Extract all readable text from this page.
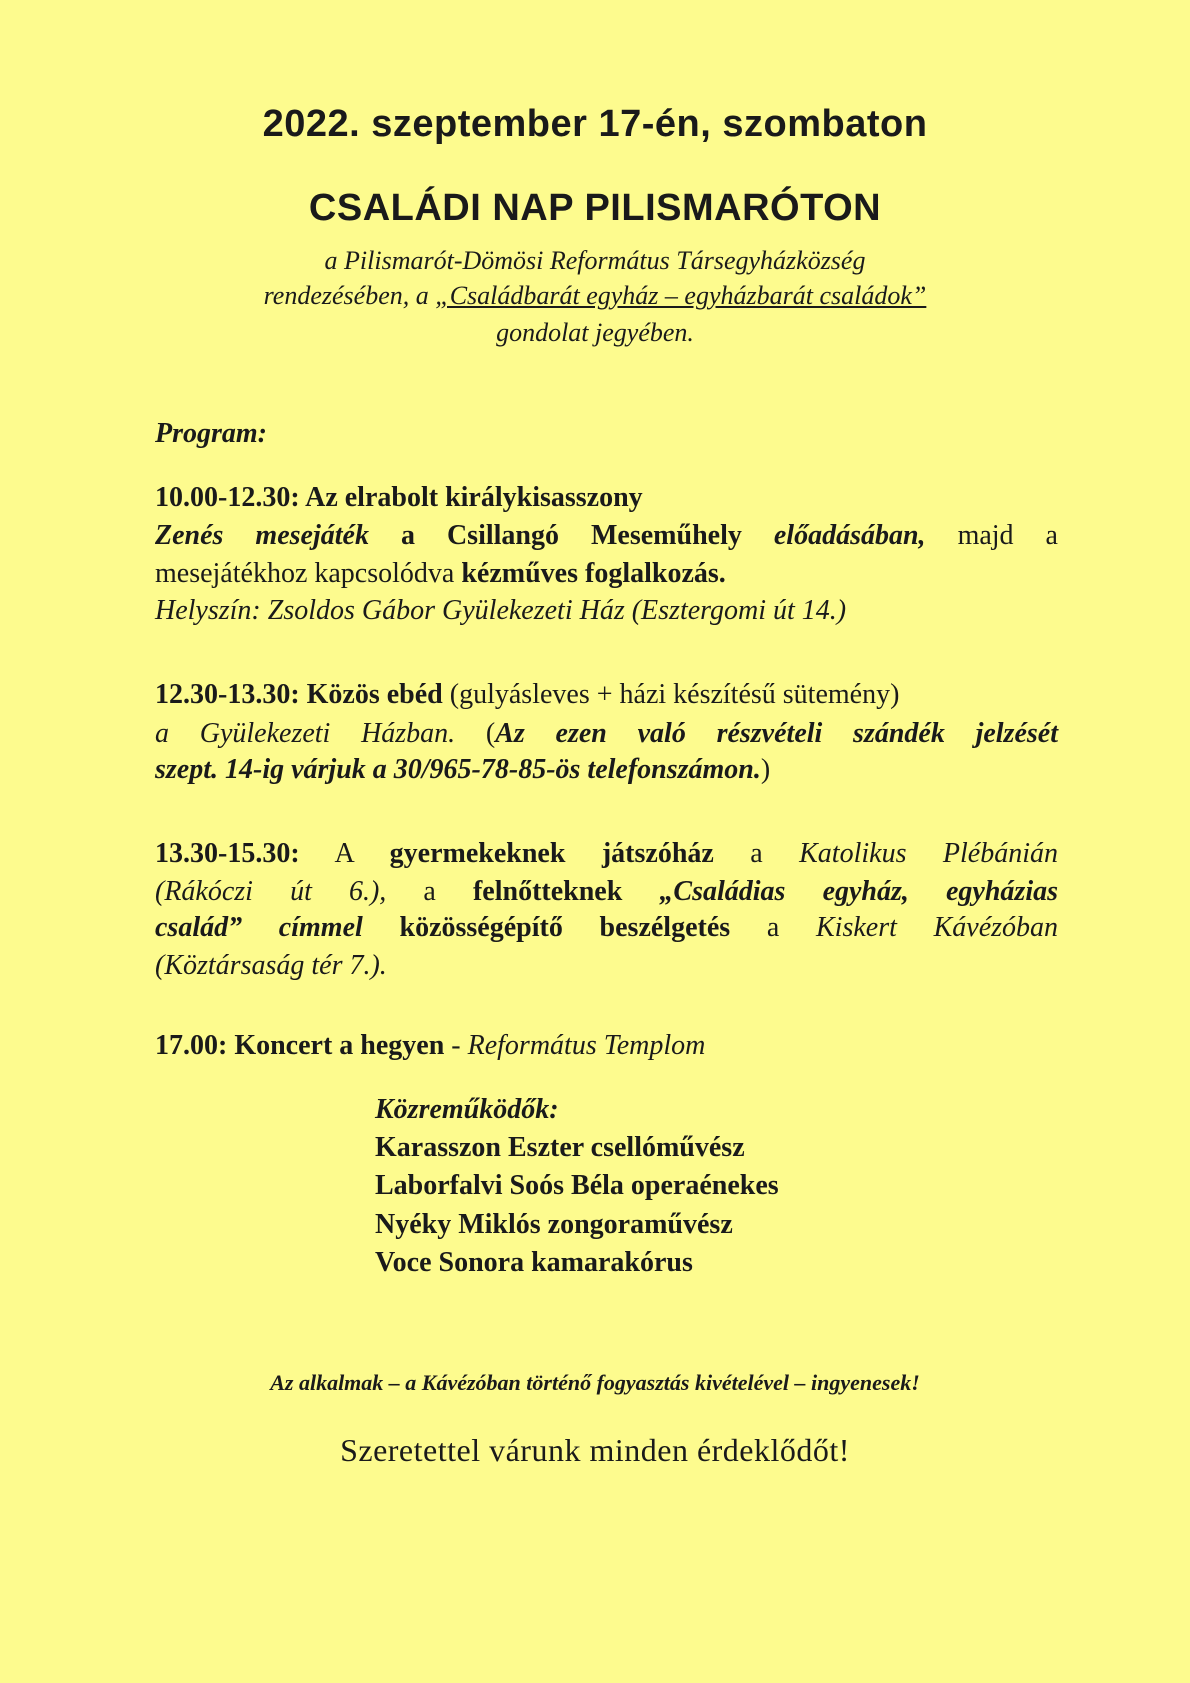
2022. szeptember 17-én, szombaton
CSALÁDI NAP PILISMARÓTON

a Pilismarót-Dömösi Református Társegyházközség

rendezésében, a „Családbarát egyház – egyházbarát családok”

gondolat jegyében.

Program:

10.00-12.30: Az elrabolt királykisasszony

Zenés mesejáték a Csillangó Meseműhely előadásában, majd a

mesejátékhoz kapcsolódva kézműves foglalkozás.

Helyszín: Zsoldos Gábor Gyülekezeti Ház (Esztergomi út 14.)

12.30-13.30: Közös ebéd (gulyásleves + házi készítésű sütemény)

a Gyülekezeti Házban. (Az ezen való részvételi szándék jelzését

szept. 14-ig várjuk a 30/965-78-85-ös telefonszámon.)

13.30-15.30: A gyermekeknek játszóház a Katolikus Plébánián

(Rákóczi út 6.), a felnőtteknek „Családias egyház, egyházias

család” címmel közösségépítő beszélgetés a Kiskert Kávézóban

(Köztársaság tér 7.).

17.00: Koncert a hegyen - Református Templom

Közreműködők:

Karasszon Eszter csellóművész

Laborfalvi Soós Béla operaénekes

Nyéky Miklós zongoraművész

Voce Sonora kamarakórus

Az alkalmak – a Kávézóban történő fogyasztás kivételével – ingyenesek!

Szeretettel várunk minden érdeklődőt!
